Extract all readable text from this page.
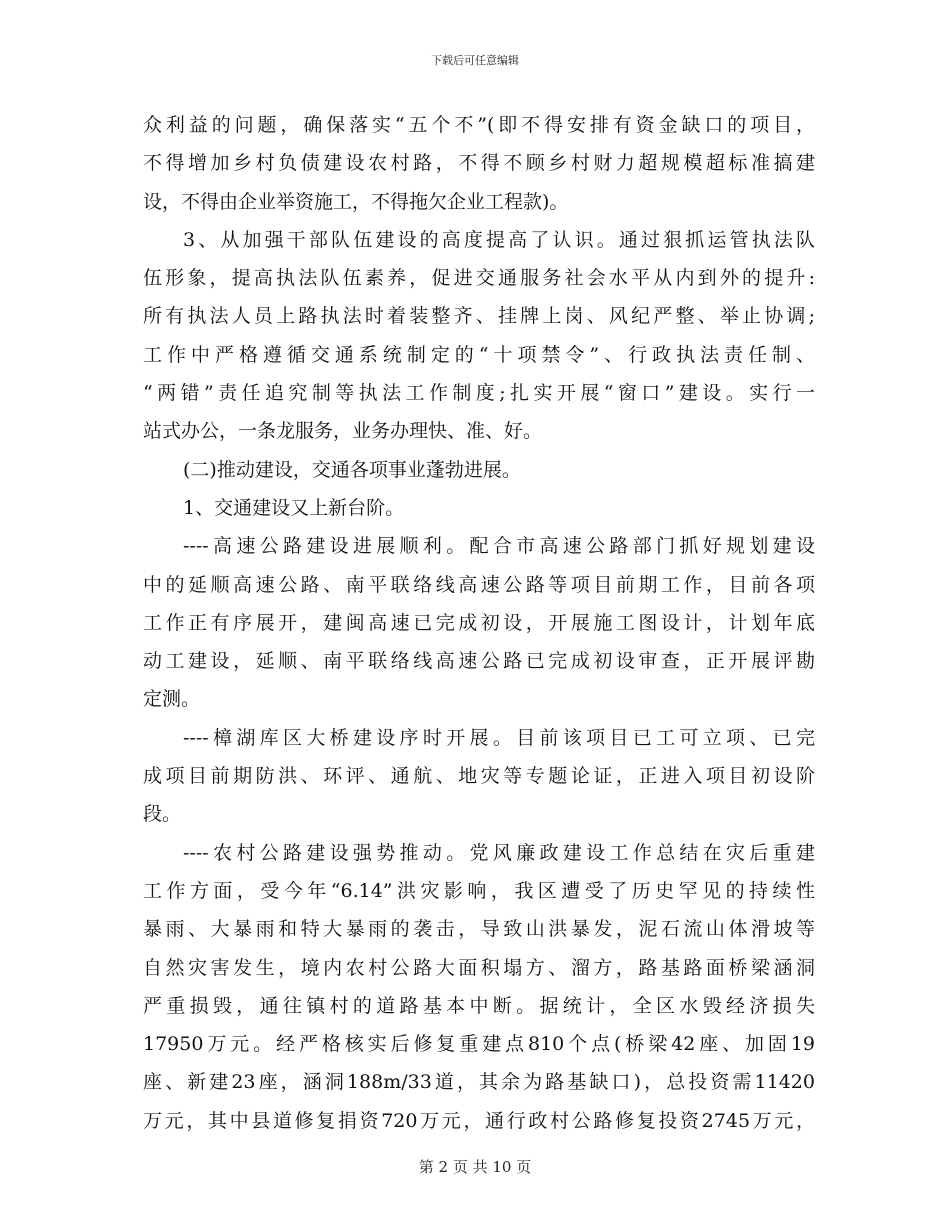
下载后可任意编辑
众利益的问题，确保落实“五个不”(即不得安排有资金缺口的项目，
不得增加乡村负债建设农村路，不得不顾乡村财力超规模超标准搞建
设，不得由企业举资施工，不得拖欠企业工程款)。
3、从加强干部队伍建设的高度提高了认识。通过狠抓运管执法队
伍形象，提高执法队伍素养，促进交通服务社会水平从内到外的提升:
所有执法人员上路执法时着装整齐、挂牌上岗、风纪严整、举止协调;
工作中严格遵循交通系统制定的“十项禁令”、行政执法责任制、
“两错”责任追究制等执法工作制度;扎实开展“窗口”建设。实行一
站式办公，一条龙服务，业务办理快、准、好。
(二)推动建设，交通各项事业蓬勃进展。
1、交通建设又上新台阶。
----高速公路建设进展顺利。配合市高速公路部门抓好规划建设
中的延顺高速公路、南平联络线高速公路等项目前期工作，目前各项
工作正有序展开，建闽高速已完成初设，开展施工图设计，计划年底
动工建设，延顺、南平联络线高速公路已完成初设审查，正开展评勘
定测。
----樟湖库区大桥建设序时开展。目前该项目已工可立项、已完
成项目前期防洪、环评、通航、地灾等专题论证，正进入项目初设阶
段。
----农村公路建设强势推动。党风廉政建设工作总结在灾后重建
工作方面，受今年“6.14”洪灾影响，我区遭受了历史罕见的持续性
暴雨、大暴雨和特大暴雨的袭击，导致山洪暴发，泥石流山体滑坡等
自然灾害发生，境内农村公路大面积塌方、溜方，路基路面桥梁涵洞
严重损毁，通往镇村的道路基本中断。据统计，全区水毁经济损失
17950万元。经严格核实后修复重建点810个点(桥梁42座、加固19
座、新建23座，涵洞188m/33道，其余为路基缺口)，总投资需11420
万元，其中县道修复捐资720万元，通行政村公路修复投资2745万元，
第 2 页 共 10 页
